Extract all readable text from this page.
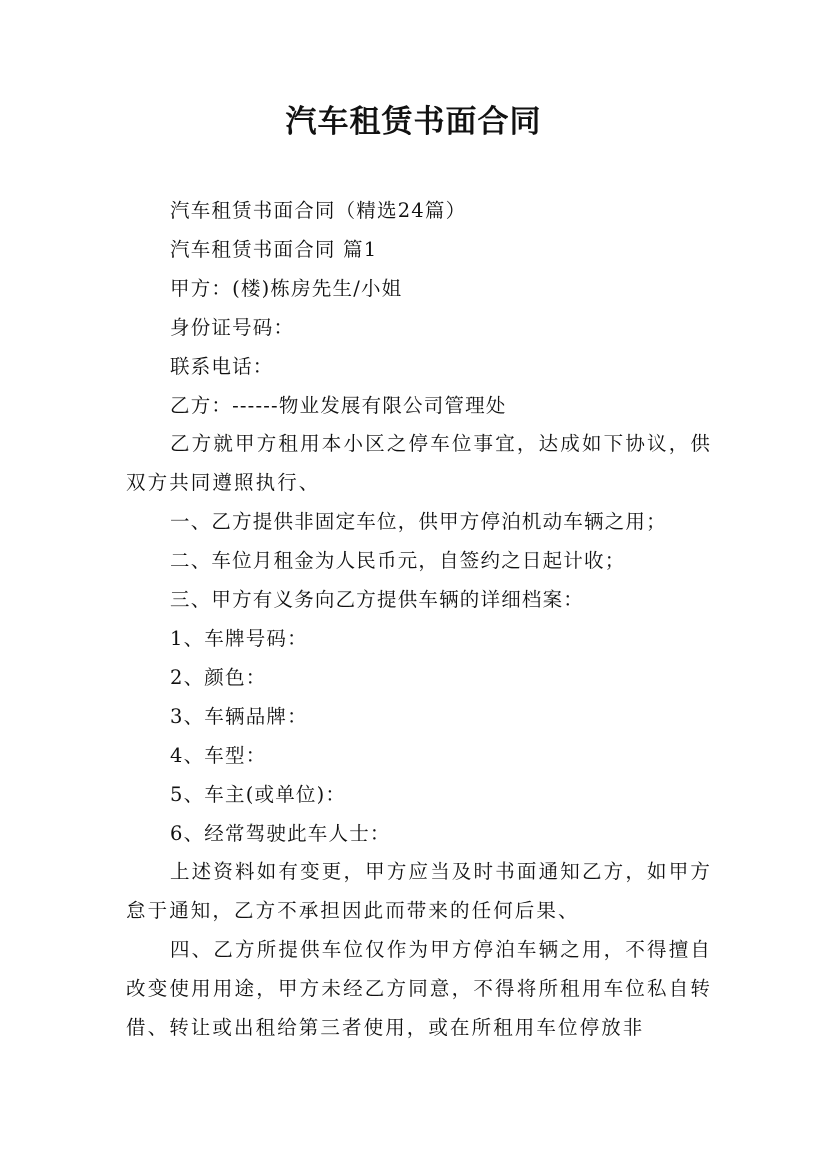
汽车租赁书面合同

汽车租赁书面合同（精选24篇）

汽车租赁书面合同 篇1

甲方：(楼)栋房先生/小姐

身份证号码：

联系电话：

乙方：------物业发展有限公司管理处

乙方就甲方租用本小区之停车位事宜，达成如下协议，供双方共同遵照执行、

一、乙方提供非固定车位，供甲方停泊机动车辆之用；

二、车位月租金为人民币元，自签约之日起计收；

三、甲方有义务向乙方提供车辆的详细档案：

1、车牌号码：

2、颜色：

3、车辆品牌：

4、车型：

5、车主(或单位)：

6、经常驾驶此车人士：

上述资料如有变更，甲方应当及时书面通知乙方，如甲方怠于通知，乙方不承担因此而带来的任何后果、

四、乙方所提供车位仅作为甲方停泊车辆之用，不得擅自改变使用用途，甲方未经乙方同意，不得将所租用车位私自转借、转让或出租给第三者使用，或在所租用车位停放非
